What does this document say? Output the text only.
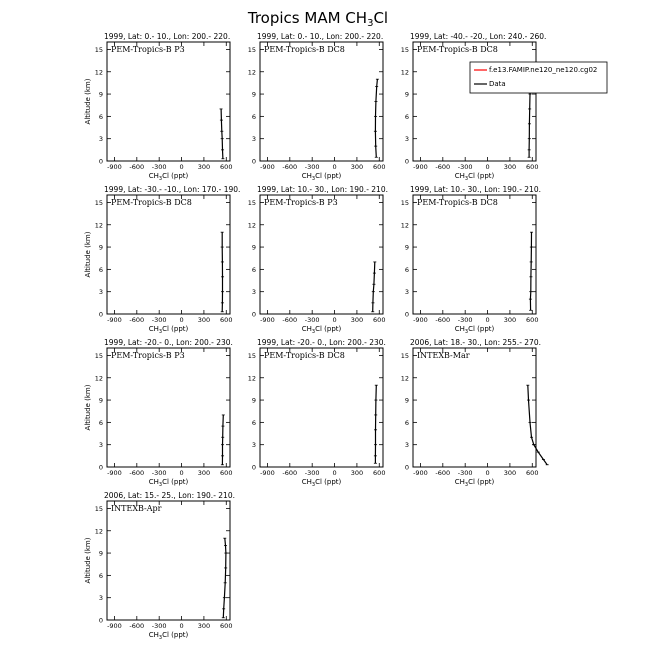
Tropics MAM $CH_3Cl$
1999, Lat: 0.- 10., Lon: 200.- 220.
PEM-Tropics-B P3
-900 -600 -300 0 300 600
0
3
6
9
12
15
$CH_3Cl$ (ppt)
Altitude (km)
1999, Lat: 0.- 10., Lon: 200.- 220.
PEM-Tropics-B DC8
-900 -600 -300 0 300 600
0
3
6
9
12
15
$CH_3Cl$ (ppt)
1999, Lat: -40.- -20., Lon: 240.- 260.
PEM-Tropics-B DC8
-900 -600 -300 0 300 600
0
3
6
9
12
15
$CH_3Cl$ (ppt)
f.e13.FAMIP.ne120_ne120.cg02
Data
1999, Lat: -30.- -10., Lon: 170.- 190.
PEM-Tropics-B DC8
-900 -600 -300 0 300 600
0
3
6
9
12
15
$CH_3Cl$ (ppt)
Altitude (km)
1999, Lat: 10.- 30., Lon: 190.- 210.
PEM-Tropics-B P3
-900 -600 -300 0 300 600
0
3
6
9
12
15
$CH_3Cl$ (ppt)
1999, Lat: 10.- 30., Lon: 190.- 210.
PEM-Tropics-B DC8
-900 -600 -300 0 300 600
0
3
6
9
12
15
$CH_3Cl$ (ppt)
1999, Lat: -20.- 0., Lon: 200.- 230.
PEM-Tropics-B P3
-900 -600 -300 0 300 600
0
3
6
9
12
15
$CH_3Cl$ (ppt)
Altitude (km)
1999, Lat: -20.- 0., Lon: 200.- 230.
PEM-Tropics-B DC8
-900 -600 -300 0 300 600
0
3
6
9
12
15
$CH_3Cl$ (ppt)
2006, Lat: 18.- 30., Lon: 255.- 270.
INTEXB-Mar
-900 -600 -300 0 300 600
0
3
6
9
12
15
$CH_3Cl$ (ppt)
2006, Lat: 15.- 25., Lon: 190.- 210.
INTEXB-Apr
-900 -600 -300 0 300 600
0
3
6
9
12
15
$CH_3Cl$ (ppt)
Altitude (km)
